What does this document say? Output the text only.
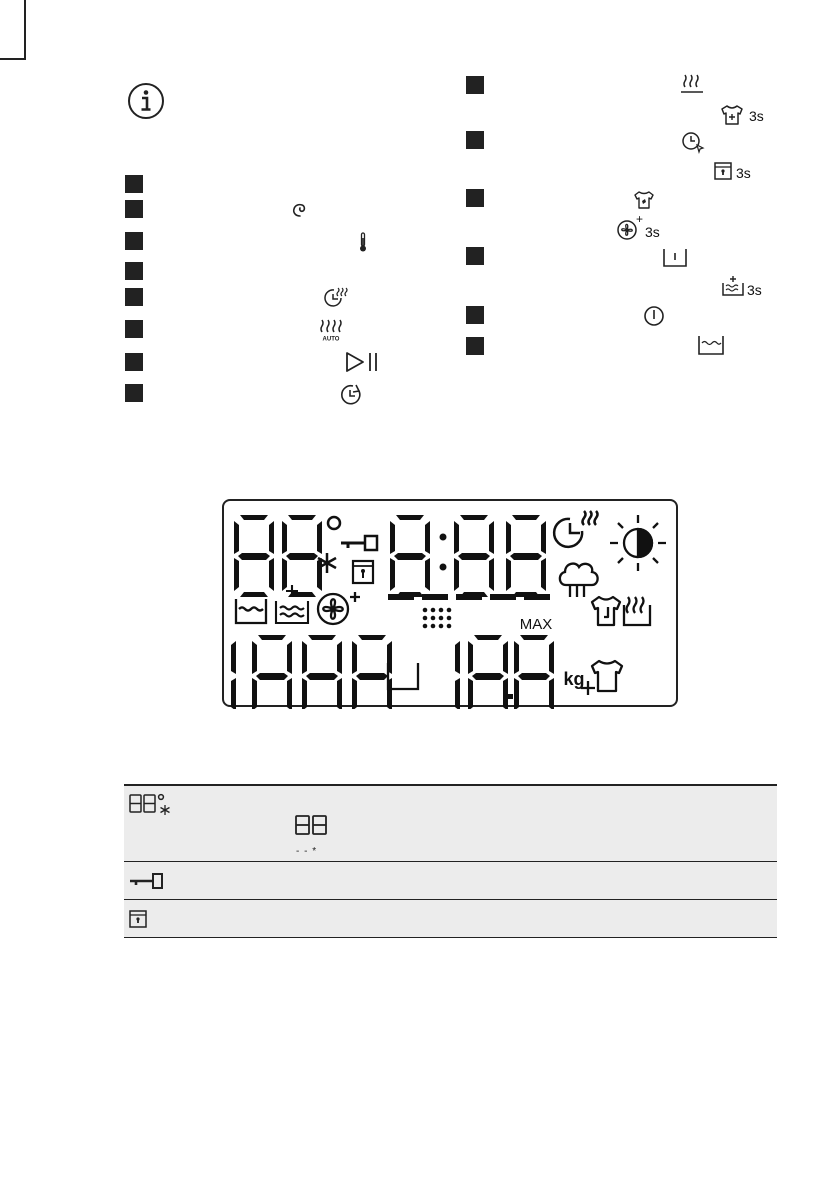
AUTO
3s
3s
+
3s
3s
MAX
kg
- - *
